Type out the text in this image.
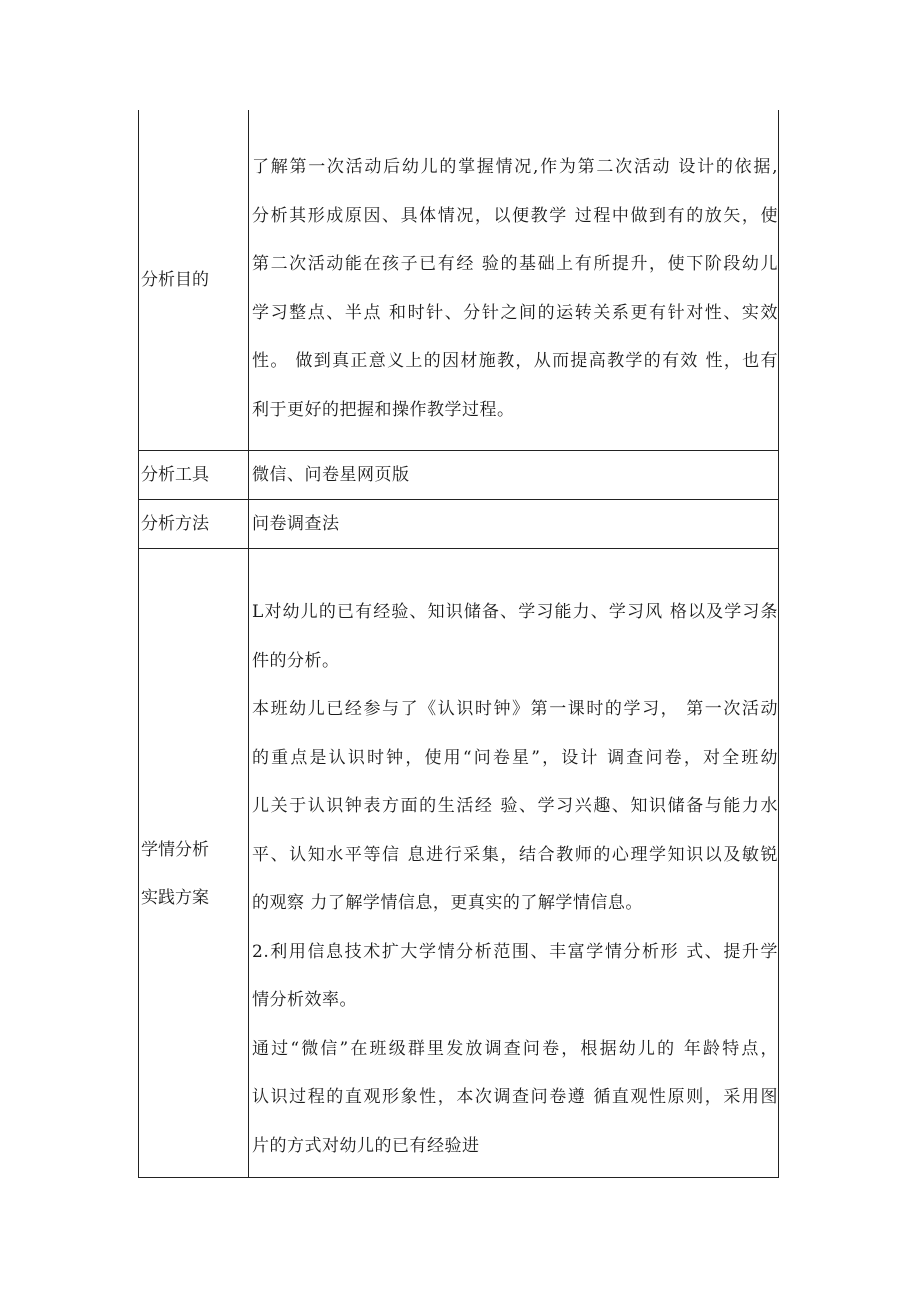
分析目的
了解第一次活动后幼儿的掌握情况,作为第二次活动 设计的依据,
分析其形成原因、具体情况，以便教学 过程中做到有的放矢，使
第二次活动能在孩子已有经 验的基础上有所提升，使下阶段幼儿
学习整点、半点 和时针、分针之间的运转关系更有针对性、实效
性。 做到真正意义上的因材施教，从而提高教学的有效 性，也有
利于更好的把握和操作教学过程。
分析工具	微信、问卷星网页版
分析方法	问卷调查法
学情分析
实践方案
L对幼儿的已有经验、知识储备、学习能力、学习风 格以及学习条
件的分析。
本班幼儿已经参与了《认识时钟》第一课时的学习， 第一次活动
的重点是认识时钟，使用“问卷星”，设计 调查问卷，对全班幼
儿关于认识钟表方面的生活经 验、学习兴趣、知识储备与能力水
平、认知水平等信 息进行采集，结合教师的心理学知识以及敏锐
的观察 力了解学情信息，更真实的了解学情信息。
2.利用信息技术扩大学情分析范围、丰富学情分析形 式、提升学
情分析效率。
通过“微信”在班级群里发放调查问卷，根据幼儿的 年龄特点，
认识过程的直观形象性，本次调查问卷遵 循直观性原则，采用图
片的方式对幼儿的已有经验进
